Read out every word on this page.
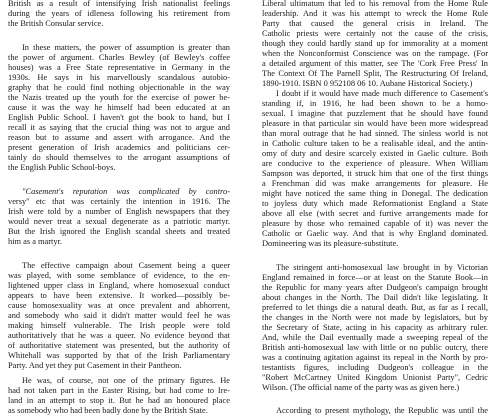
British as a result of intensifying Irish nationalist feelings
during the years of idleness following his retirement from
the British Consular service.
In these matters, the power of assumption is greater than
the power of argument. Charles Bewley (of Bewley's coffee
houses) was a Free State representative in Germany in the
1930s. He says in his marvellously scandalous autobio-
graphy that he could find nothing objectionable in the way
the Nazis treated up the youth for the exercise of power be-
cause it was the way he himself had been educated at an
English Public School. I haven't got the book to hand, but I
recall it as saying that the crucial thing was not to argue and
reason but to assume and assert with arrogance. And the
present generation of Irish academics and politicians cer-
tainly do should themselves to the arrogant assumptions of
the English Public School-boys.
"Casement's reputation was complicated by contro-
versy" etc that was certainly the intention in 1916. The
Irish were told by a number of English newspapers that they
would never treat a sexual degenerate as a patriotic martyr.
But the Irish ignored the English scandal sheets and treated
him as a martyr.
The effective campaign about Casement being a queer
was played, with some semblance of evidence, to the en-
lightened upper class in England, where homosexual conduct
appears to have been extensive. It worked—possibly be-
cause homosexuality was at once prevalent and abhorrent,
and somebody who said it didn't matter would feel he was
making himself vulnerable. The Irish people were told
authoritatively that he was a queer. No evidence beyond that
of authoritative statement was presented, but the authority of
Whitehall was supported by that of the Irish Parliamentary
Party. And yet they put Casement in their Pantheon.
He was, of course, not one of the primary figures. He
had not taken part in the Easter Rising, but had come to Ire-
land in an attempt to stop it. But he had an honoured place
as somebody who had been badly done by the British State.
Liberal ultimatum that led to his removal from the Home Rule
leadership. And it was his attempt to wreck the Home Rule
Party that caused the general crisis in Ireland. The
Catholic priests were certainly not the cause of the crisis,
though they could hardly stand up for immorality at a moment
when the Nonconformist Conscience was on the rampage. (For
a detailed argument of this matter, see The 'Cork Free Press' In
The Context Of The Parnell Split, The Restructuring Of Ireland,
1890-1910. ISBN 0 952108 06 10. Aubane Historical Society.)
I doubt if it would have made much difference to Casement's
standing if, in 1916, he had been shown to be a homo-
sexual. I imagine that puzzlement that he should have found
pleasure in that particular sin would have been more widespread
than moral outrage that he had sinned. The sinless world is not
in Catholic culture taken to be a realisable ideal, and the antin-
omy of duty and desire scarcely existed in Gaelic culture. Both
are conducive to the experience of pleasure. When William
Sampson was deported, it struck him that one of the first things
a Frenchman did was make arrangements for pleasure. He
might have noticed the same thing in Donegal. The dedication
to joyless duty which made Reformationist England a State
above all else (with secret and furtive arrangements made for
pleasure by those who remained capable of it) was never the
Catholic or Gaelic way. And that is why England dominated.
Domineering was its pleasure-substitute.
The stringent anti-homosexual law brought in by Victorian
England remained in force—or at least on the Statute Book—in
the Republic for many years after Dudgeon's campaign brought
about changes in the North. The Dail didn't like legislating. It
preferred to let things die a natural death. But, as far as I recall,
the changes in the North were not made by legislators, but by
the Secretary of State, acting in his capacity as arbitrary ruler.
And, while the Dail eventually made a sweeping repeal of the
British anti-homosexual law with little or no public outcry, there
was a continuing agitation against its repeal in the North by pro-
testantists figures, including Dudgeon's colleague in the
"Robert McCartney United Kingdom Unionist Party", Cedric
Wilson. (The official name of the party was as given here.)
According to present mythology, the Republic was until the
